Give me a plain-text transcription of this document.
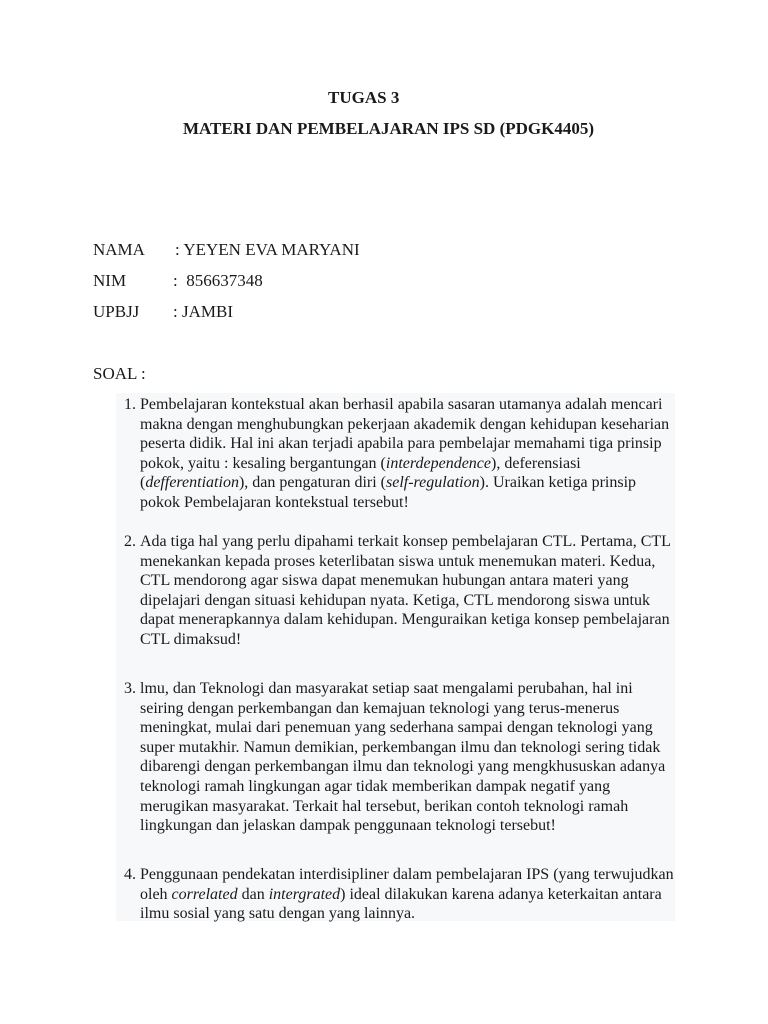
TUGAS 3
MATERI DAN PEMBELAJARAN IPS SD (PDGK4405)
NAMA : YEYEN EVA MARYANI
NIM	:  856637348
UPBJJ : JAMBI
SOAL :
1. Pembelajaran kontekstual akan berhasil apabila sasaran utamanya adalah mencari makna dengan menghubungkan pekerjaan akademik dengan kehidupan keseharian peserta didik. Hal ini akan terjadi apabila para pembelajar memahami tiga prinsip pokok, yaitu : kesaling bergantungan (interdependence), deferensiasi (defferentiation), dan pengaturan diri (self-regulation). Uraikan ketiga prinsip pokok Pembelajaran kontekstual tersebut!
2. Ada tiga hal yang perlu dipahami terkait konsep pembelajaran CTL. Pertama, CTL menekankan kepada proses keterlibatan siswa untuk menemukan materi. Kedua, CTL mendorong agar siswa dapat menemukan hubungan antara materi yang dipelajari dengan situasi kehidupan nyata. Ketiga, CTL mendorong siswa untuk dapat menerapkannya dalam kehidupan. Menguraikan ketiga konsep pembelajaran CTL dimaksud!
3. lmu, dan Teknologi dan masyarakat setiap saat mengalami perubahan, hal ini seiring dengan perkembangan dan kemajuan teknologi yang terus-menerus meningkat, mulai dari penemuan yang sederhana sampai dengan teknologi yang super mutakhir. Namun demikian, perkembangan ilmu dan teknologi sering tidak dibarengi dengan perkembangan ilmu dan teknologi yang mengkhususkan adanya teknologi ramah lingkungan agar tidak memberikan dampak negatif yang merugikan masyarakat. Terkait hal tersebut, berikan contoh teknologi ramah lingkungan dan jelaskan dampak penggunaan teknologi tersebut!
4. Penggunaan pendekatan interdisipliner dalam pembelajaran IPS (yang terwujudkan oleh correlated dan intergrated) ideal dilakukan karena adanya keterkaitan antara ilmu sosial yang satu dengan yang lainnya.
